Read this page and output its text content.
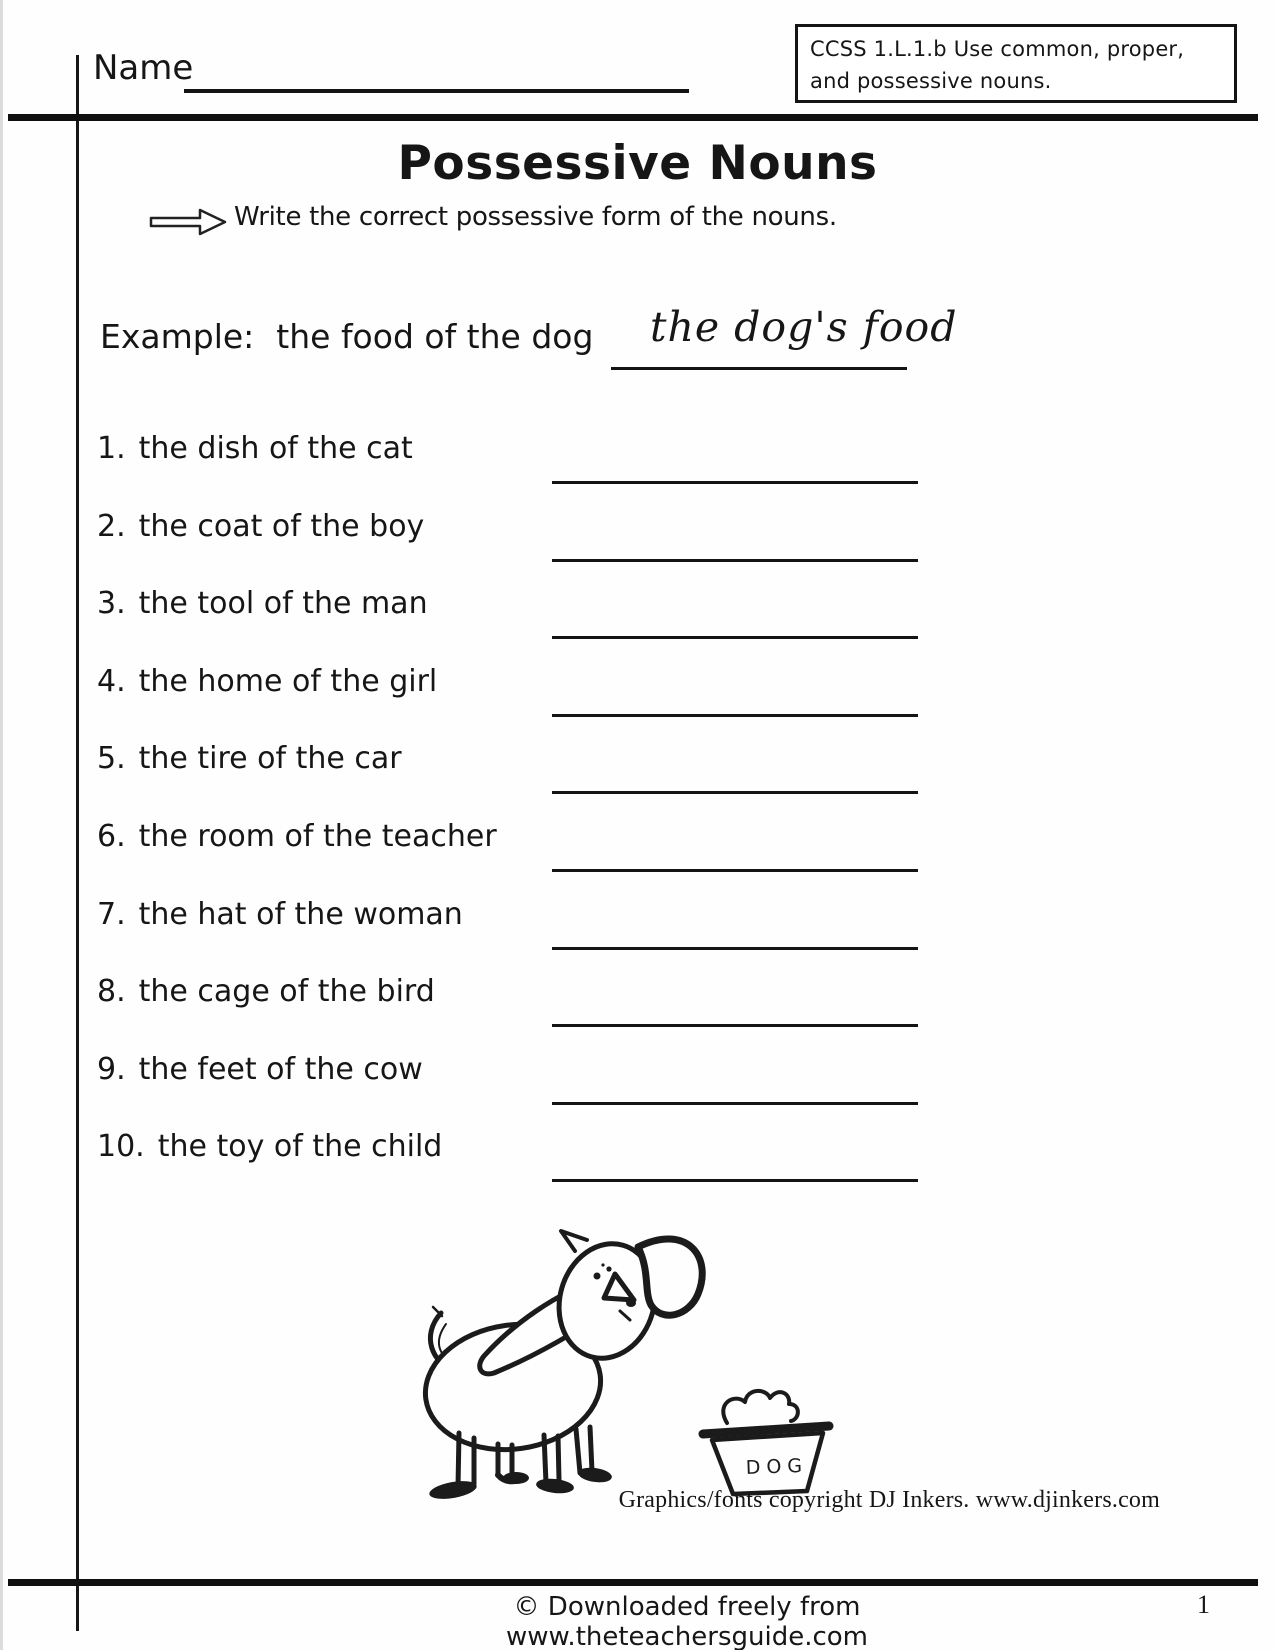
Name	CCSS 1.L.1.b Use common, proper, and possessive nouns.
Possessive Nouns
Write the correct possessive form of the nouns.
Example: the food of the dog the dog's food
1. the dish of the cat
2. the coat of the boy
3. the tool of the man
4. the home of the girl
5. the tire of the car
6. the room of the teacher
7. the hat of the woman
8. the cage of the bird
9. the feet of the cow
10. the toy of the child
DOG
Graphics/fonts copyright DJ Inkers. www.djinkers.com
© Downloaded freely from www.theteachersguide.com
1
